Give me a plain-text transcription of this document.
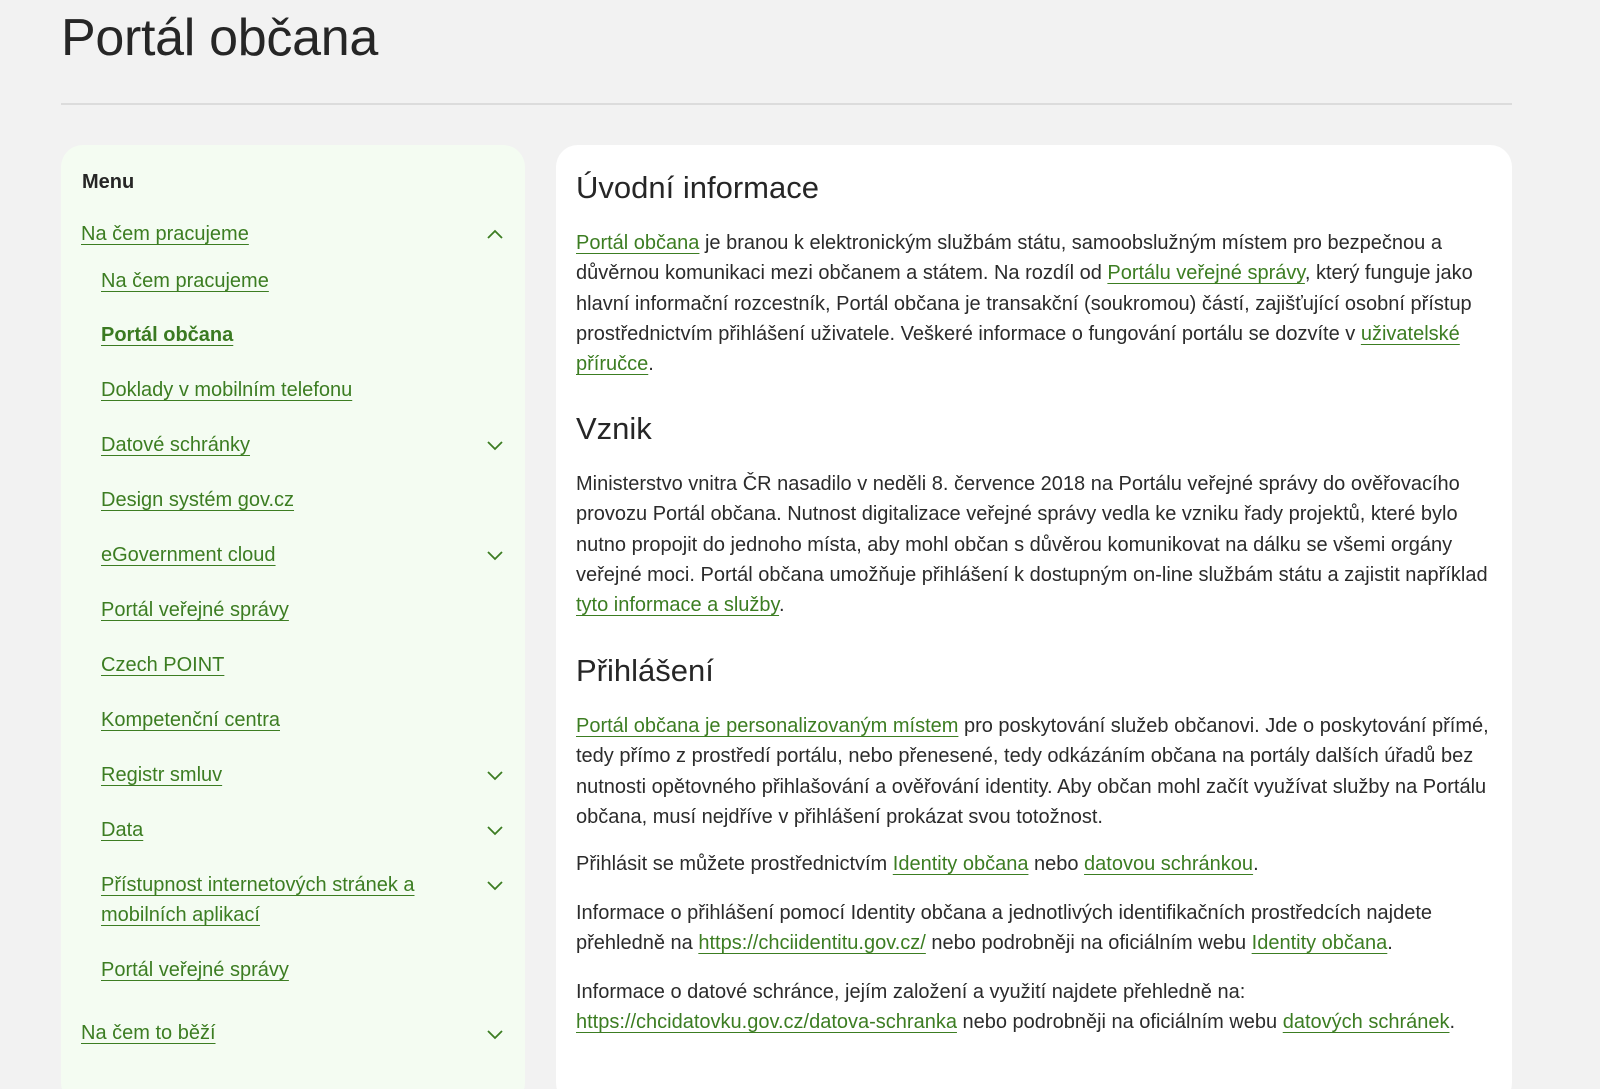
Portál občana
Menu
Na čem pracujeme
Na čem pracujeme
Portál občana
Doklady v mobilním telefonu
Datové schránky
Design systém gov.cz
eGovernment cloud
Portál veřejné správy
Czech POINT
Kompetenční centra
Registr smluv
Data
Přístupnost internetových stránek a mobilních aplikací
Portál veřejné správy
Na čem to běží
Úvodní informace

Portál občana je branou k elektronickým službám státu, samoobslužným místem pro bezpečnou a důvěrnou komunikaci mezi občanem a státem. Na rozdíl od Portálu veřejné správy, který funguje jako hlavní informační rozcestník, Portál občana je transakční (soukromou) částí, zajišťující osobní přístup prostřednictvím přihlášení uživatele. Veškeré informace o fungování portálu se dozvíte v uživatelské příručce.

Vznik

Ministerstvo vnitra ČR nasadilo v neděli 8. července 2018 na Portálu veřejné správy do ověřovacího provozu Portál občana. Nutnost digitalizace veřejné správy vedla ke vzniku řady projektů, které bylo nutno propojit do jednoho místa, aby mohl občan s důvěrou komunikovat na dálku se všemi orgány veřejné moci. Portál občana umožňuje přihlášení k dostupným on-line službám státu a zajistit například tyto informace a služby.

Přihlášení

Portál občana je personalizovaným místem pro poskytování služeb občanovi. Jde o poskytování přímé, tedy přímo z prostředí portálu, nebo přenesené, tedy odkázáním občana na portály dalších úřadů bez nutnosti opětovného přihlašování a ověřování identity. Aby občan mohl začít využívat služby na Portálu občana, musí nejdříve v přihlášení prokázat svou totožnost.

Přihlásit se můžete prostřednictvím Identity občana nebo datovou schránkou.

Informace o přihlášení pomocí Identity občana a jednotlivých identifikačních prostředcích najdete přehledně na https://chciidentitu.gov.cz/ nebo podrobněji na oficiálním webu Identity občana.

Informace o datové schránce, jejím založení a využití najdete přehledně na: https://chcidatovku.gov.cz/datova-schranka nebo podrobněji na oficiálním webu datových schránek.
